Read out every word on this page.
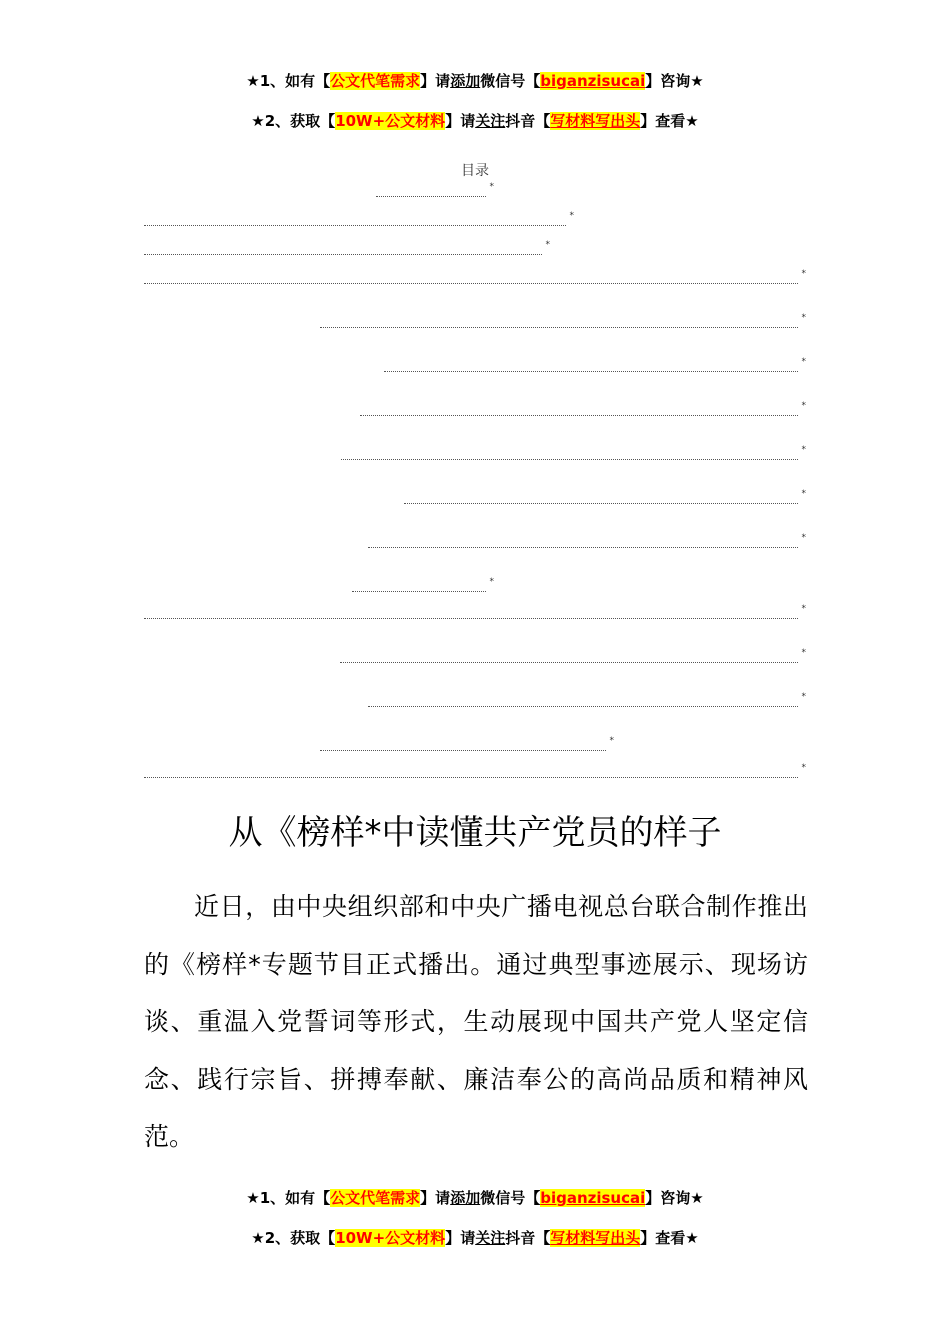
★1、如有【公文代笔需求】请添加微信号【biganzisucai】咨询★
★2、获取【10W+公文材料】请关注抖音【写材料写出头】查看★
目录
*
*
*
*
*
*
*
*
*
*
*
*
*
*
*
*
从《榜样*中读懂共产党员的样子
近日，由中央组织部和中央广播电视总台联合制作推出的《榜样*专题节目正式播出。通过典型事迹展示、现场访谈、重温入党誓词等形式，生动展现中国共产党人坚定信念、践行宗旨、拼搏奉献、廉洁奉公的高尚品质和精神风范。
★1、如有【公文代笔需求】请添加微信号【biganzisucai】咨询★
★2、获取【10W+公文材料】请关注抖音【写材料写出头】查看★
